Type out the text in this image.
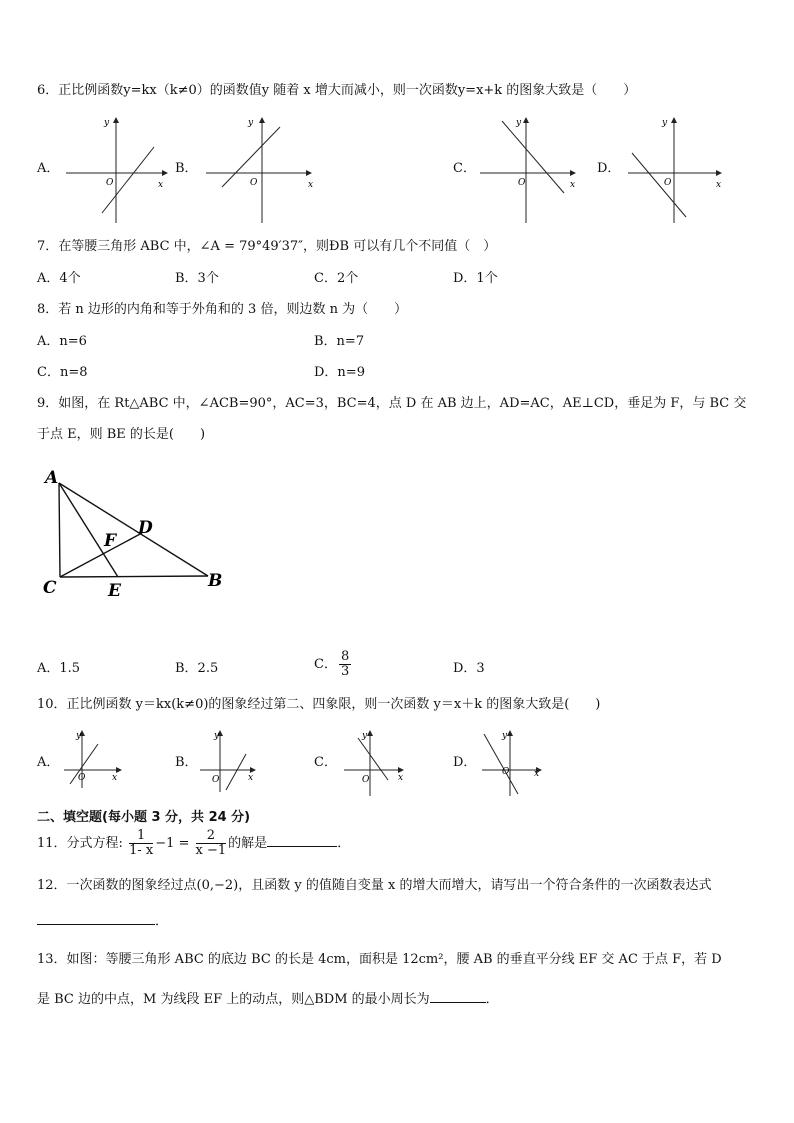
6．正比例函数y=kx（k≠0）的函数值y 随着 x 增大而减小，则一次函数y=x+k 的图象大致是（　　）
A．
x
y
O
B．
x
y
O
C．
x
y
O
D．
x
y
O
7．在等腰三角形 ABC 中，∠A = 79°49′37″，则ÐB 可以有几个不同值（　）
A．4个	B．3个	C．2个	D．1个
8．若 n 边形的内角和等于外角和的 3 倍，则边数 n 为（　　）
A．n=6	B．n=7
C．n=8	D．n=9
9．如图，在 Rt△ABC 中，∠ACB=90°，AC=3，BC=4，点 D 在 AB 边上，AD=AC，AE⊥CD，垂足为 F，与 BC 交
于点 E，则 BE 的长是(　　)
A
B
C
D
E
F
A．1.5	B．2.5	C． $\frac{8}{3}$	D．3
10．正比例函数 y＝kx(k≠0)的图象经过第二、四象限，则一次函数 y＝x＋k 的图象大致是(　　)
A．
x
y
O
B．
x
y
O
C．
x
y
O
D．
x
y
O
二、填空题(每小题 3 分，共 24 分)
11．分式方程: $\frac{1}{1- x} -1 = \frac{2}{x -1}$ 的解是	．
12．一次函数的图象经过点(0,−2)，且函数 y 的值随自变量 x 的增大而增大，请写出一个符合条件的一次函数表达式
．
13．如图：等腰三角形 ABC 的底边 BC 的长是 4cm，面积是 12cm²，腰 AB 的垂直平分线 EF 交 AC 于点 F，若 D
是 BC 边的中点，M 为线段 EF 上的动点，则△BDM 的最小周长为	．
